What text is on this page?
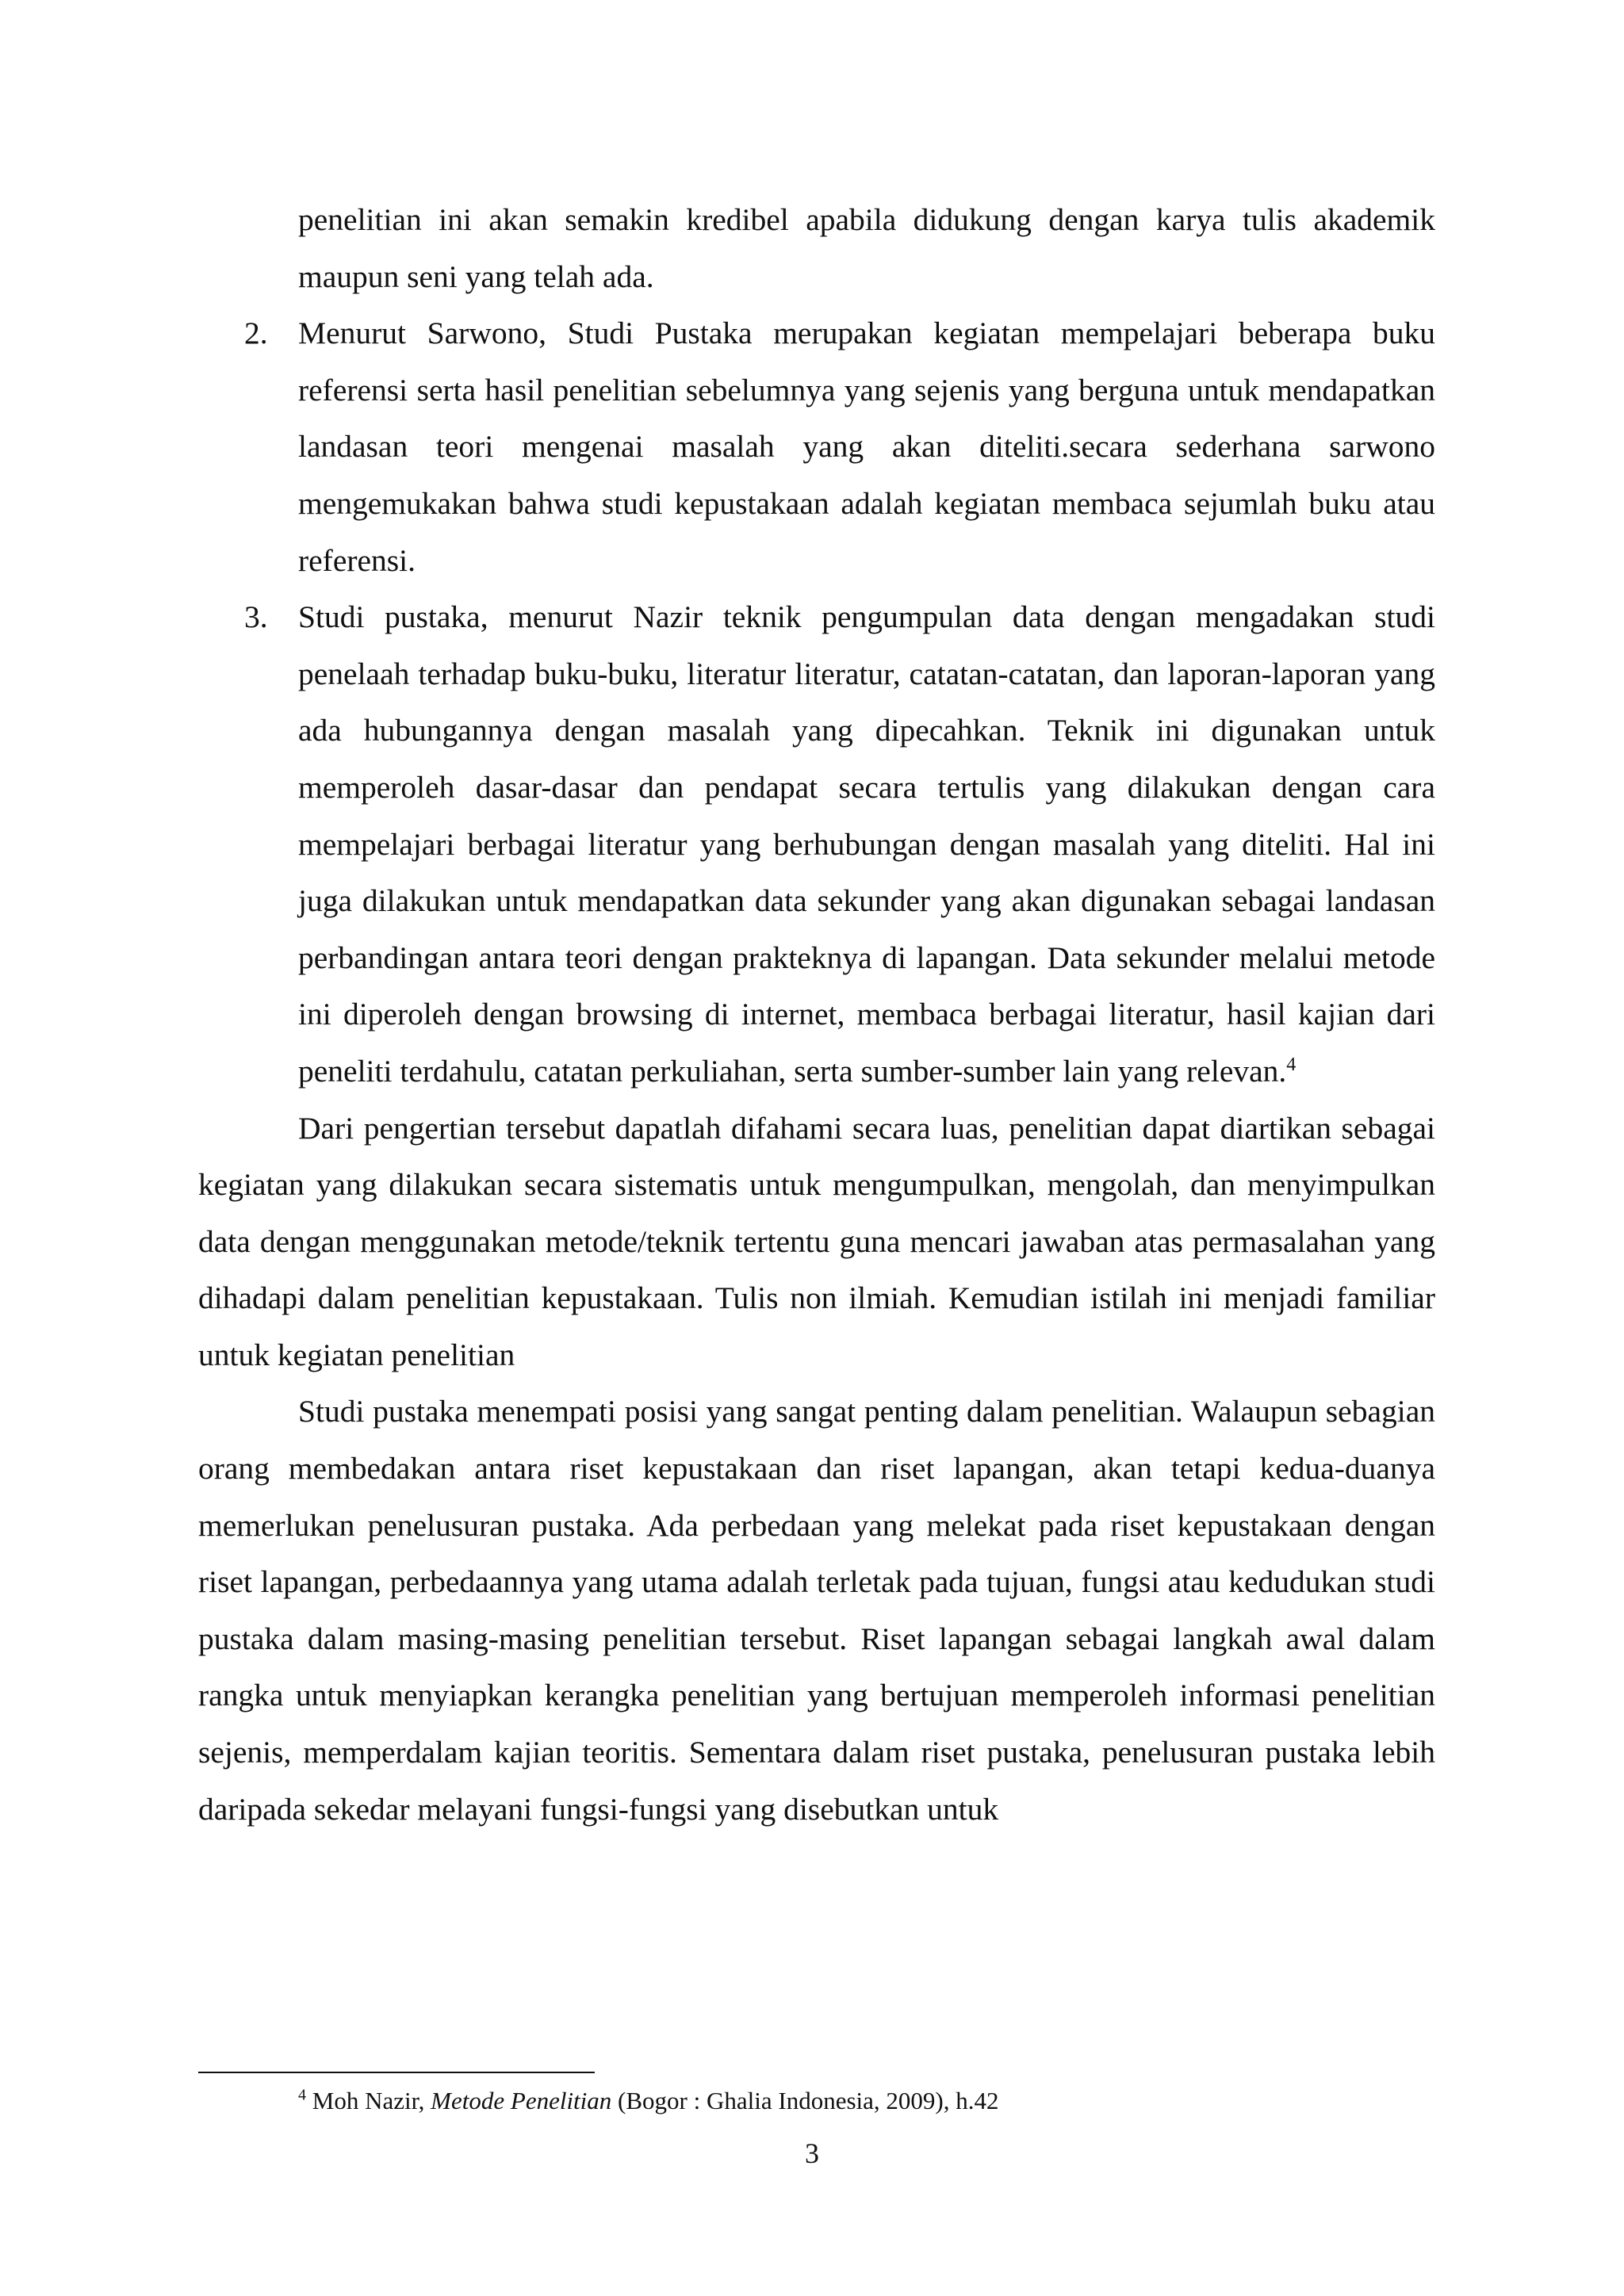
penelitian ini akan semakin kredibel apabila didukung dengan karya tulis akademik maupun seni yang telah ada.

2. Menurut Sarwono, Studi Pustaka merupakan kegiatan mempelajari beberapa buku referensi serta hasil penelitian sebelumnya yang sejenis yang berguna untuk mendapatkan landasan teori mengenai masalah yang akan diteliti.secara sederhana sarwono mengemukakan bahwa studi kepustakaan adalah kegiatan membaca sejumlah buku atau referensi.

3. Studi pustaka, menurut Nazir teknik pengumpulan data dengan mengadakan studi penelaah terhadap buku-buku, literatur literatur, catatan-catatan, dan laporan-laporan yang ada hubungannya dengan masalah yang dipecahkan. Teknik ini digunakan untuk memperoleh dasar-dasar dan pendapat secara tertulis yang dilakukan dengan cara mempelajari berbagai literatur yang berhubungan dengan masalah yang diteliti. Hal ini juga dilakukan untuk mendapatkan data sekunder yang akan digunakan sebagai landasan perbandingan antara teori dengan prakteknya di lapangan. Data sekunder melalui metode ini diperoleh dengan browsing di internet, membaca berbagai literatur, hasil kajian dari peneliti terdahulu, catatan perkuliahan, serta sumber-sumber lain yang relevan.$^4$

Dari pengertian tersebut dapatlah difahami secara luas, penelitian dapat diartikan sebagai kegiatan yang dilakukan secara sistematis untuk mengumpulkan, mengolah, dan menyimpulkan data dengan menggunakan metode/teknik tertentu guna mencari jawaban atas permasalahan yang dihadapi dalam penelitian kepustakaan. Tulis non ilmiah. Kemudian istilah ini menjadi familiar untuk kegiatan penelitian

Studi pustaka menempati posisi yang sangat penting dalam penelitian. Walaupun sebagian orang membedakan antara riset kepustakaan dan riset lapangan, akan tetapi kedua-duanya memerlukan penelusuran pustaka. Ada perbedaan yang melekat pada riset kepustakaan dengan riset lapangan, perbedaannya yang utama adalah terletak pada tujuan, fungsi atau kedudukan studi pustaka dalam masing-masing penelitian tersebut. Riset lapangan sebagai langkah awal dalam rangka untuk menyiapkan kerangka penelitian yang bertujuan memperoleh informasi penelitian sejenis, memperdalam kajian teoritis. Sementara dalam riset pustaka, penelusuran pustaka lebih daripada sekedar melayani fungsi-fungsi yang disebutkan untuk

$^4$ Moh Nazir, Metode Penelitian (Bogor : Ghalia Indonesia, 2009), h.42
3
